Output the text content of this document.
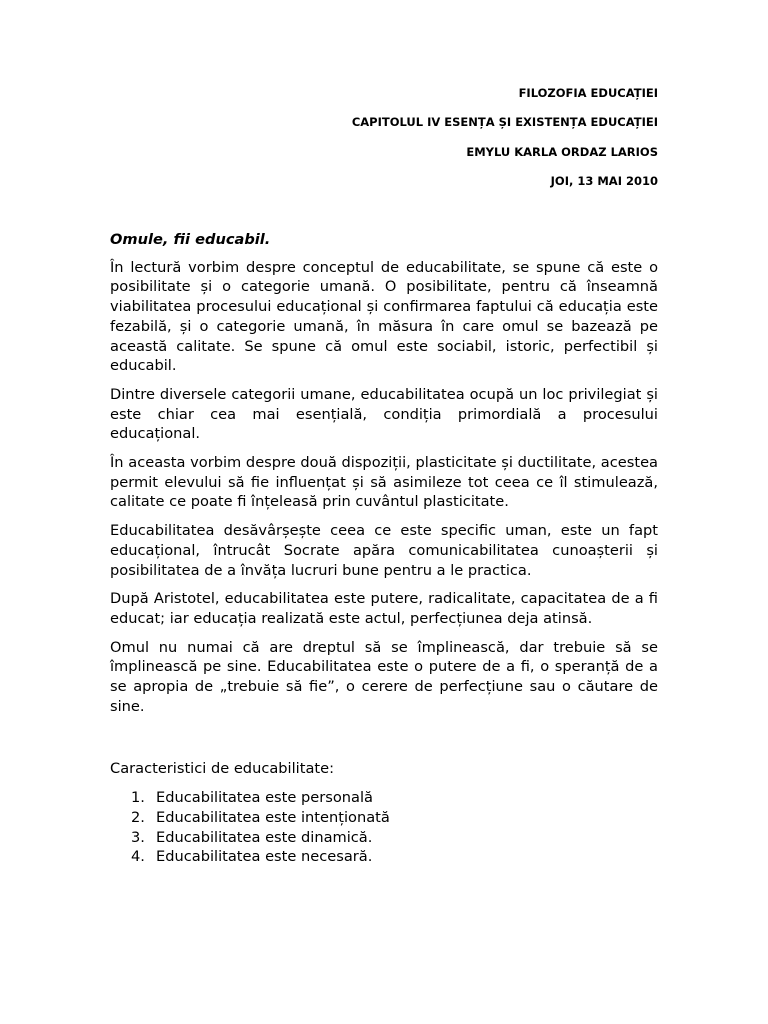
FILOZOFIA EDUCAȚIEI
CAPITOLUL IV ESENȚA ȘI EXISTENȚA EDUCAȚIEI
EMYLU KARLA ORDAZ LARIOS
JOI, 13 MAI 2010

Omule, fii educabil.

În lectură vorbim despre conceptul de educabilitate, se spune că este o posibilitate și o categorie umană. O posibilitate, pentru că înseamnă viabilitatea procesului educațional și confirmarea faptului că educația este fezabilă, și o categorie umană, în măsura în care omul se bazează pe această calitate. Se spune că omul este sociabil, istoric, perfectibil și educabil.

Dintre diversele categorii umane, educabilitatea ocupă un loc privilegiat și este chiar cea mai esențială, condiția primordială a procesului educațional.

În aceasta vorbim despre două dispoziții, plasticitate și ductilitate, acestea permit elevului să fie influențat și să asimileze tot ceea ce îl stimulează, calitate ce poate fi înțeleasă prin cuvântul plasticitate.

Educabilitatea desăvârșește ceea ce este specific uman, este un fapt educațional, întrucât Socrate apăra comunicabilitatea cunoașterii și posibilitatea de a învăța lucruri bune pentru a le practica.

După Aristotel, educabilitatea este putere, radicalitate, capacitatea de a fi educat; iar educația realizată este actul, perfecțiunea deja atinsă.

Omul nu numai că are dreptul să se împlinească, dar trebuie să se împlinească pe sine. Educabilitatea este o putere de a fi, o speranță de a se apropia de „trebuie să fie”, o cerere de perfecțiune sau o căutare de sine.

Caracteristici de educabilitate:

1. Educabilitatea este personală
2. Educabilitatea este intenționată
3. Educabilitatea este dinamică.
4. Educabilitatea este necesară.
